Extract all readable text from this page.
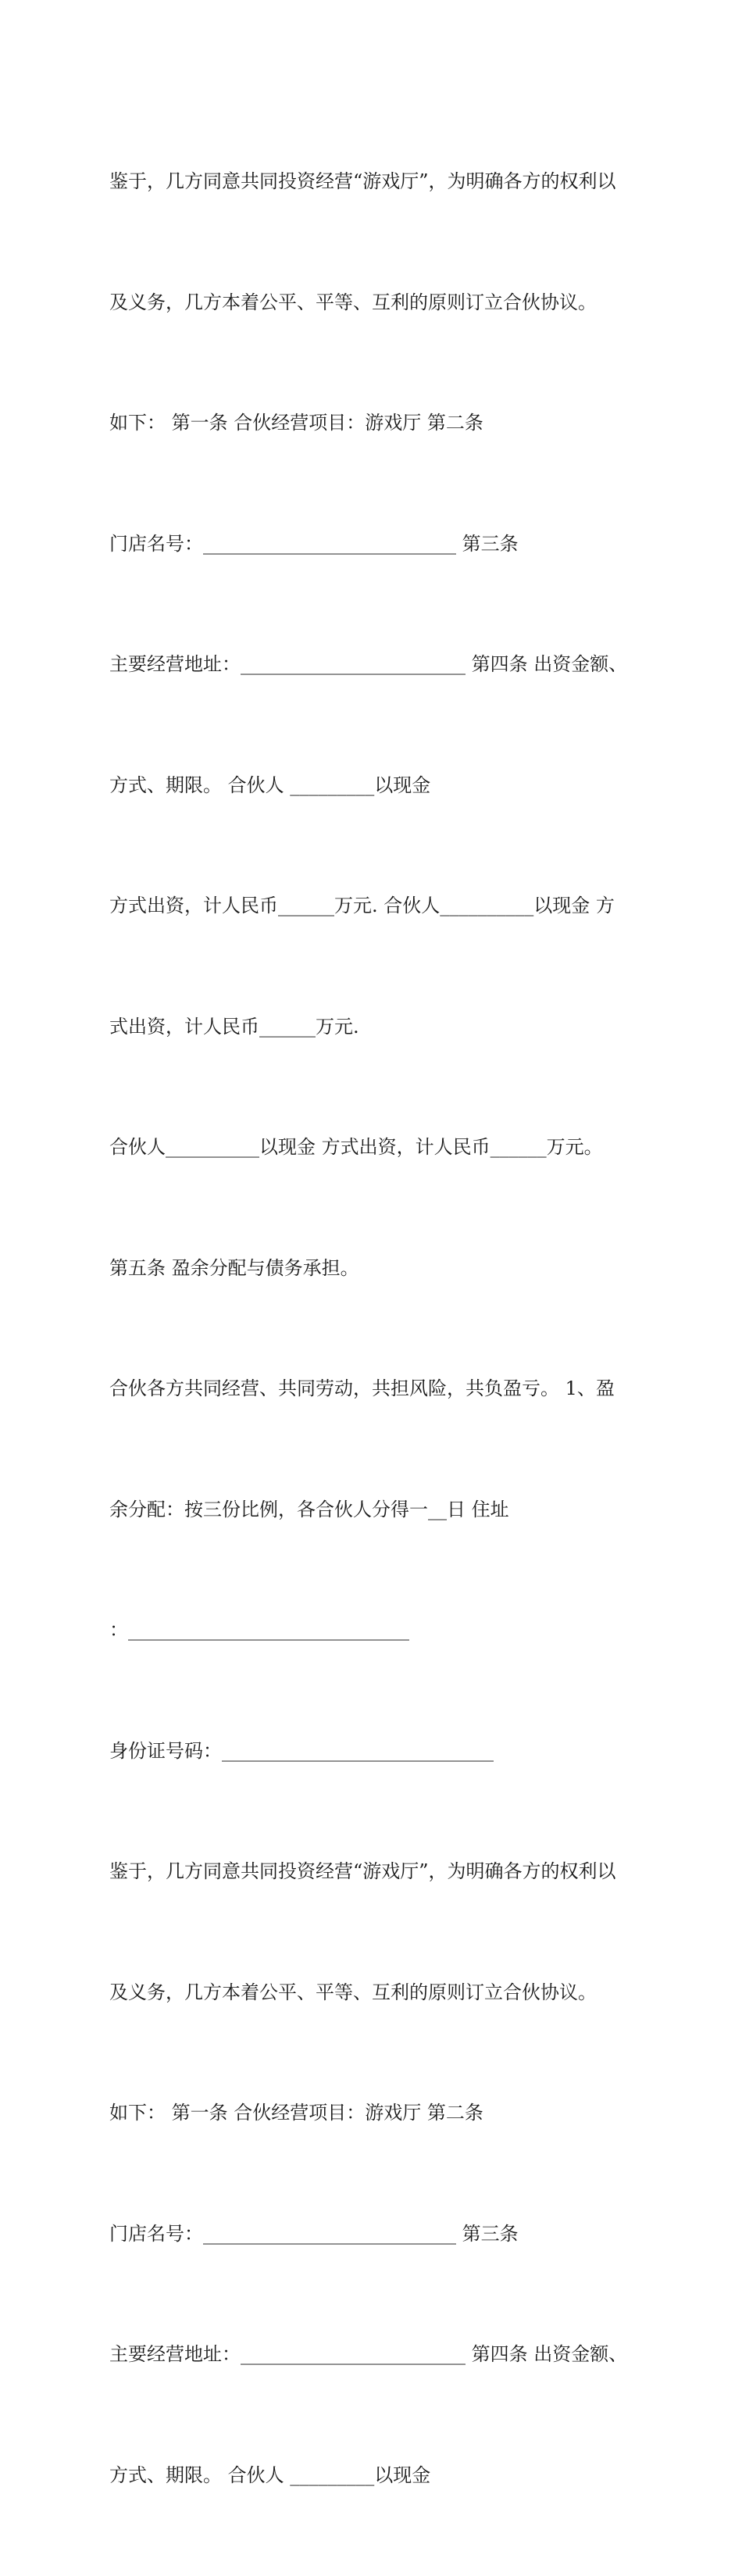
鉴于，几方同意共同投资经营“游戏厅”，为明确各方的权利以

及义务，几方本着公平、平等、互利的原则订立合伙协议。

如下： 第一条 合伙经营项目：游戏厅 第二条

门店名号：___________________________ 第三条

主要经营地址：________________________ 第四条 出资金额、

方式、期限。 合伙人 _________以现金

方式出资，计人民币______万元. 合伙人__________以现金 方

式出资，计人民币______万元.

合伙人__________以现金 方式出资，计人民币______万元。

第五条 盈余分配与债务承担。

合伙各方共同经营、共同劳动，共担风险，共负盈亏。 1、盈

余分配：按三份比例，各合伙人分得一__日 住址

：______________________________

身份证号码：_____________________________

鉴于，几方同意共同投资经营“游戏厅”，为明确各方的权利以

及义务，几方本着公平、平等、互利的原则订立合伙协议。

如下： 第一条 合伙经营项目：游戏厅 第二条

门店名号：___________________________ 第三条

主要经营地址：________________________ 第四条 出资金额、

方式、期限。 合伙人 _________以现金
